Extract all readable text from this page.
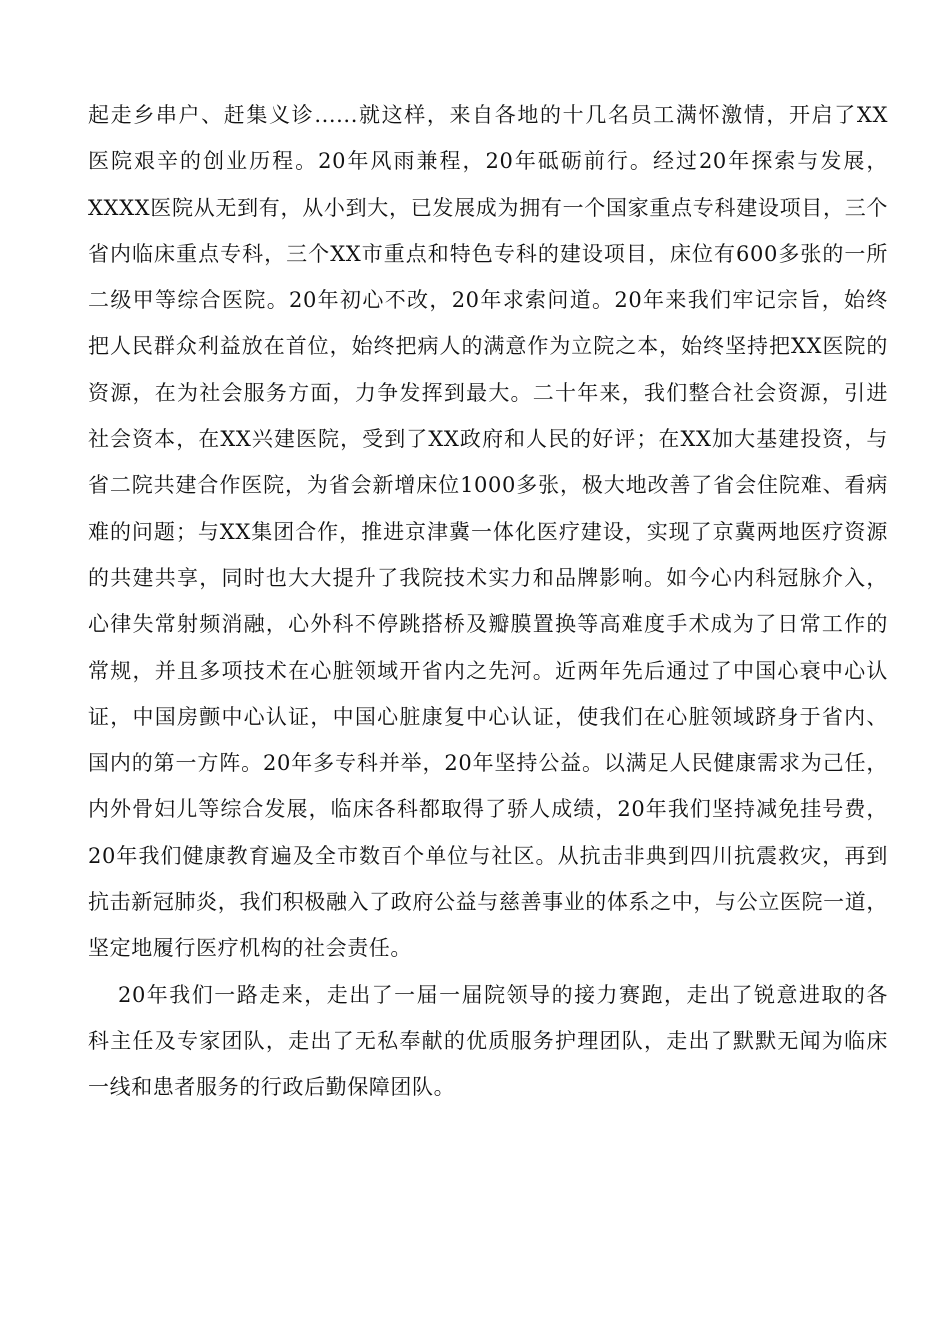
起走乡串户、赶集义诊......就这样，来自各地的十几名员工满怀激情，开启了XX
医院艰辛的创业历程。20年风雨兼程，20年砥砺前行。经过20年探索与发展，
XXXX医院从无到有，从小到大，已发展成为拥有一个国家重点专科建设项目，三个
省内临床重点专科，三个XX市重点和特色专科的建设项目，床位有600多张的一所
二级甲等综合医院。20年初心不改，20年求索问道。20年来我们牢记宗旨，始终
把人民群众利益放在首位，始终把病人的满意作为立院之本，始终坚持把XX医院的
资源，在为社会服务方面，力争发挥到最大。二十年来，我们整合社会资源，引进
社会资本，在XX兴建医院，受到了XX政府和人民的好评；在XX加大基建投资，与
省二院共建合作医院，为省会新增床位1000多张，极大地改善了省会住院难、看病
难的问题；与XX集团合作，推进京津冀一体化医疗建设，实现了京冀两地医疗资源
的共建共享，同时也大大提升了我院技术实力和品牌影响。如今心内科冠脉介入，
心律失常射频消融，心外科不停跳搭桥及瓣膜置换等高难度手术成为了日常工作的
常规，并且多项技术在心脏领域开省内之先河。近两年先后通过了中国心衰中心认
证，中国房颤中心认证，中国心脏康复中心认证，使我们在心脏领域跻身于省内、
国内的第一方阵。20年多专科并举，20年坚持公益。以满足人民健康需求为己任，
内外骨妇儿等综合发展，临床各科都取得了骄人成绩，20年我们坚持减免挂号费，
20年我们健康教育遍及全市数百个单位与社区。从抗击非典到四川抗震救灾，再到
抗击新冠肺炎，我们积极融入了政府公益与慈善事业的体系之中，与公立医院一道，
坚定地履行医疗机构的社会责任。
20年我们一路走来，走出了一届一届院领导的接力赛跑，走出了锐意进取的各
科主任及专家团队，走出了无私奉献的优质服务护理团队，走出了默默无闻为临床
一线和患者服务的行政后勤保障团队。
